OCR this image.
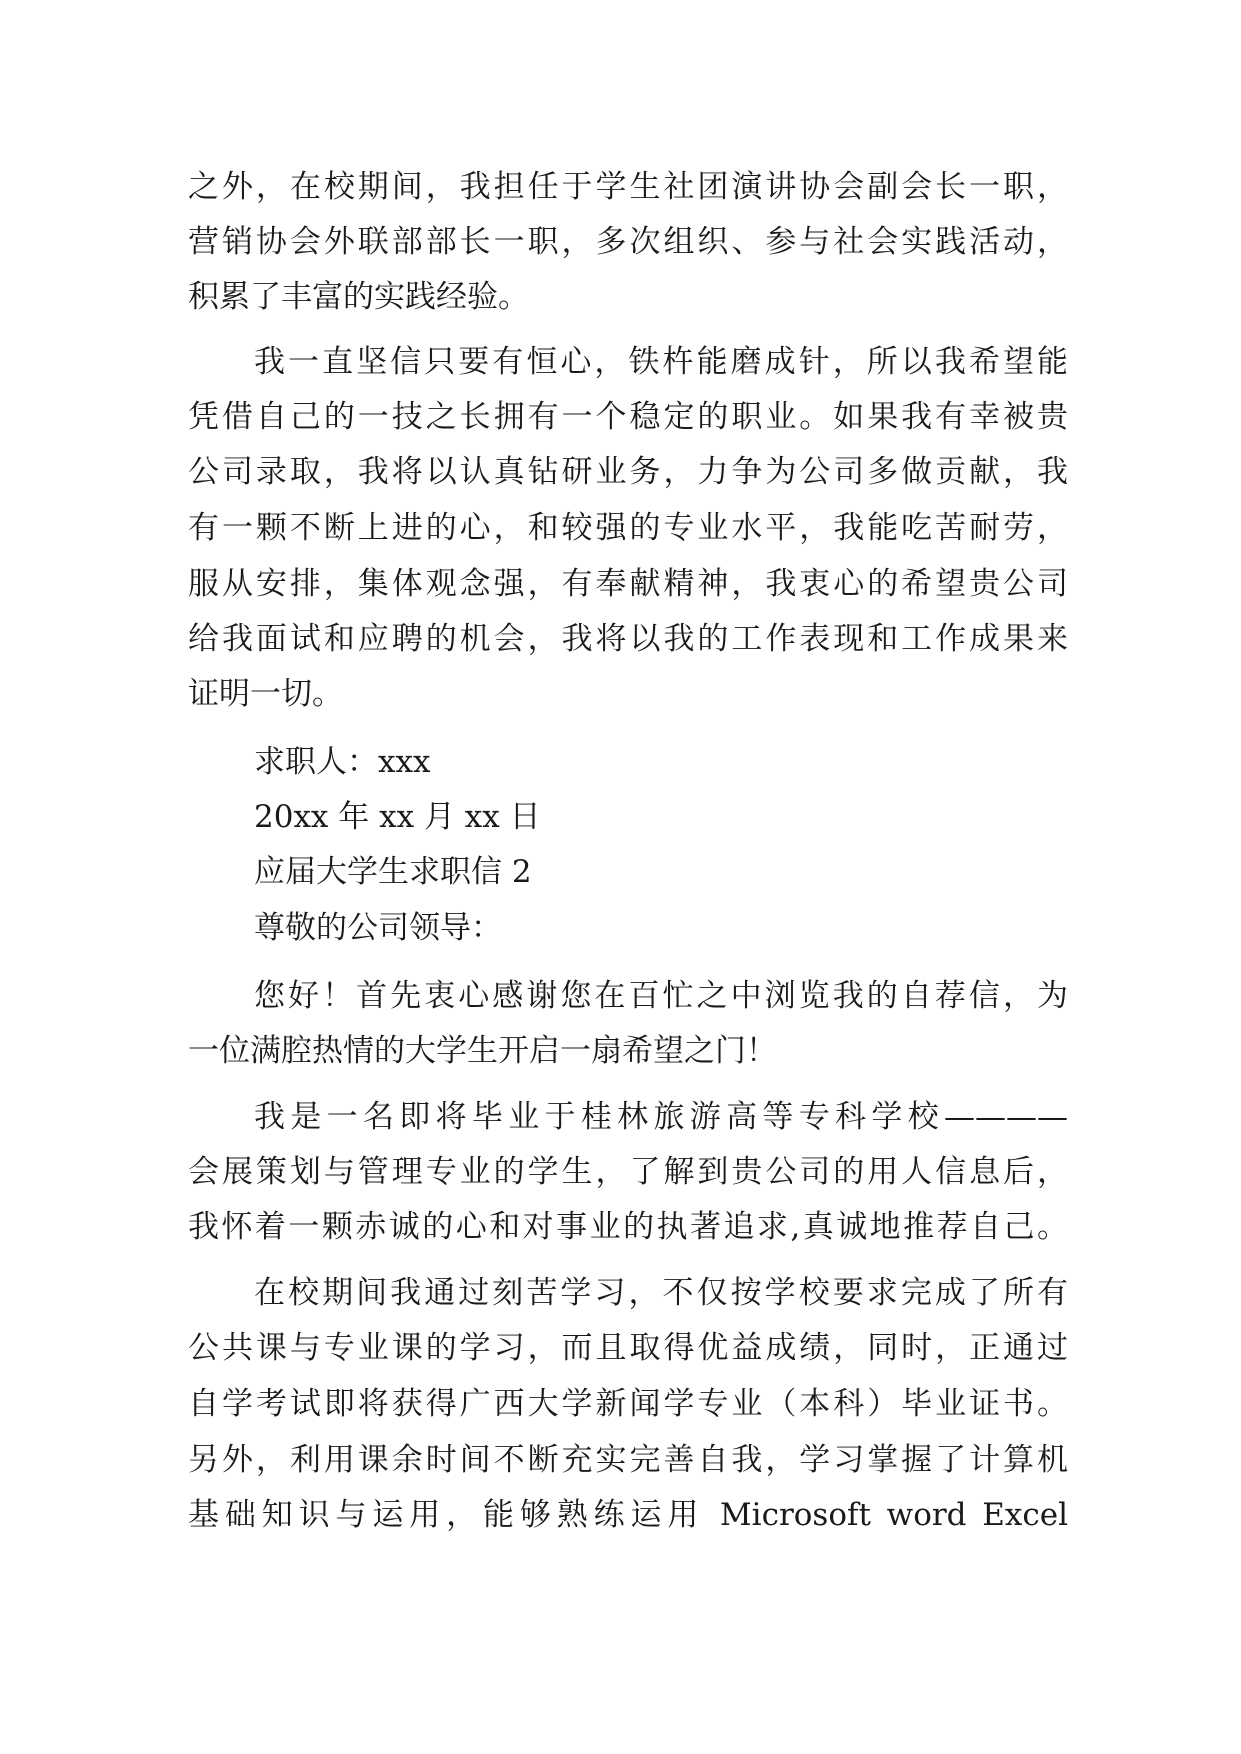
之外，在校期间，我担任于学生社团演讲协会副会长一职，
营销协会外联部部长一职，多次组织、参与社会实践活动，
积累了丰富的实践经验。
我一直坚信只要有恒心，铁杵能磨成针，所以我希望能
凭借自己的一技之长拥有一个稳定的职业。如果我有幸被贵
公司录取，我将以认真钻研业务，力争为公司多做贡献，我
有一颗不断上进的心，和较强的专业水平，我能吃苦耐劳，
服从安排，集体观念强，有奉献精神，我衷心的希望贵公司
给我面试和应聘的机会，我将以我的工作表现和工作成果来
证明一切。
求职人：xxx
20xx 年 xx 月 xx 日
应届大学生求职信 2
尊敬的公司领导：
您好！首先衷心感谢您在百忙之中浏览我的自荐信，为
一位满腔热情的大学生开启一扇希望之门！
我是一名即将毕业于桂林旅游高等专科学校————
会展策划与管理专业的学生，了解到贵公司的用人信息后，
我怀着一颗赤诚的心和对事业的执著追求,真诚地推荐自己。
在校期间我通过刻苦学习，不仅按学校要求完成了所有
公共课与专业课的学习，而且取得优益成绩，同时，正通过
自学考试即将获得广西大学新闻学专业（本科）毕业证书。
另外，利用课余时间不断充实完善自我，学习掌握了计算机
基础知识与运用，能够熟练运用 Microsoft word Excel
